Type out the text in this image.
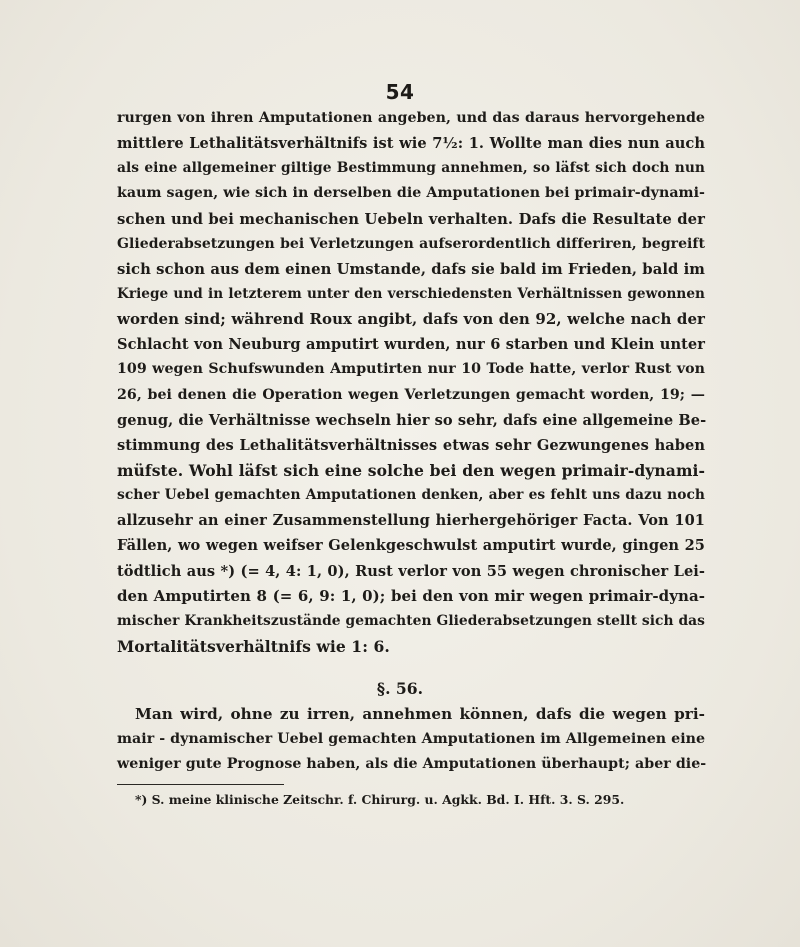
54
rurgen von ihren Amputationen angeben, und das daraus hervorgehende
mittlere Lethalitätsverhältnifs ist wie 7½: 1. Wollte man dies nun auch
als eine allgemeiner giltige Bestimmung annehmen, so läfst sich doch nun
kaum sagen, wie sich in derselben die Amputationen bei primair-dynami-
schen und bei mechanischen Uebeln verhalten. Dafs die Resultate der
Gliederabsetzungen bei Verletzungen aufserordentlich differiren, begreift
sich schon aus dem einen Umstande, dafs sie bald im Frieden, bald im
Kriege und in letzterem unter den verschiedensten Verhältnissen gewonnen
worden sind; während Roux angibt, dafs von den 92, welche nach der
Schlacht von Neuburg amputirt wurden, nur 6 starben und Klein unter
109 wegen Schufswunden Amputirten nur 10 Tode hatte, verlor Rust von
26, bei denen die Operation wegen Verletzungen gemacht worden, 19; —
genug, die Verhältnisse wechseln hier so sehr, dafs eine allgemeine Be-
stimmung des Lethalitätsverhältnisses etwas sehr Gezwungenes haben
müfste. Wohl läfst sich eine solche bei den wegen primair-dynami-
scher Uebel gemachten Amputationen denken, aber es fehlt uns dazu noch
allzusehr an einer Zusammenstellung hierhergehöriger Facta. Von 101
Fällen, wo wegen weifser Gelenkgeschwulst amputirt wurde, gingen 25
tödtlich aus *) (= 4, 4: 1, 0), Rust verlor von 55 wegen chronischer Lei-
den Amputirten 8 (= 6, 9: 1, 0); bei den von mir wegen primair-dyna-
mischer Krankheitszustände gemachten Gliederabsetzungen stellt sich das
Mortalitätsverhältnifs wie 1: 6.
§. 56.
Man wird, ohne zu irren, annehmen können, dafs die wegen pri-
mair - dynamischer Uebel gemachten Amputationen im Allgemeinen eine
weniger gute Prognose haben, als die Amputationen überhaupt; aber die-
*) S. meine klinische Zeitschr. f. Chirurg. u. Agkk. Bd. I. Hft. 3. S. 295.
